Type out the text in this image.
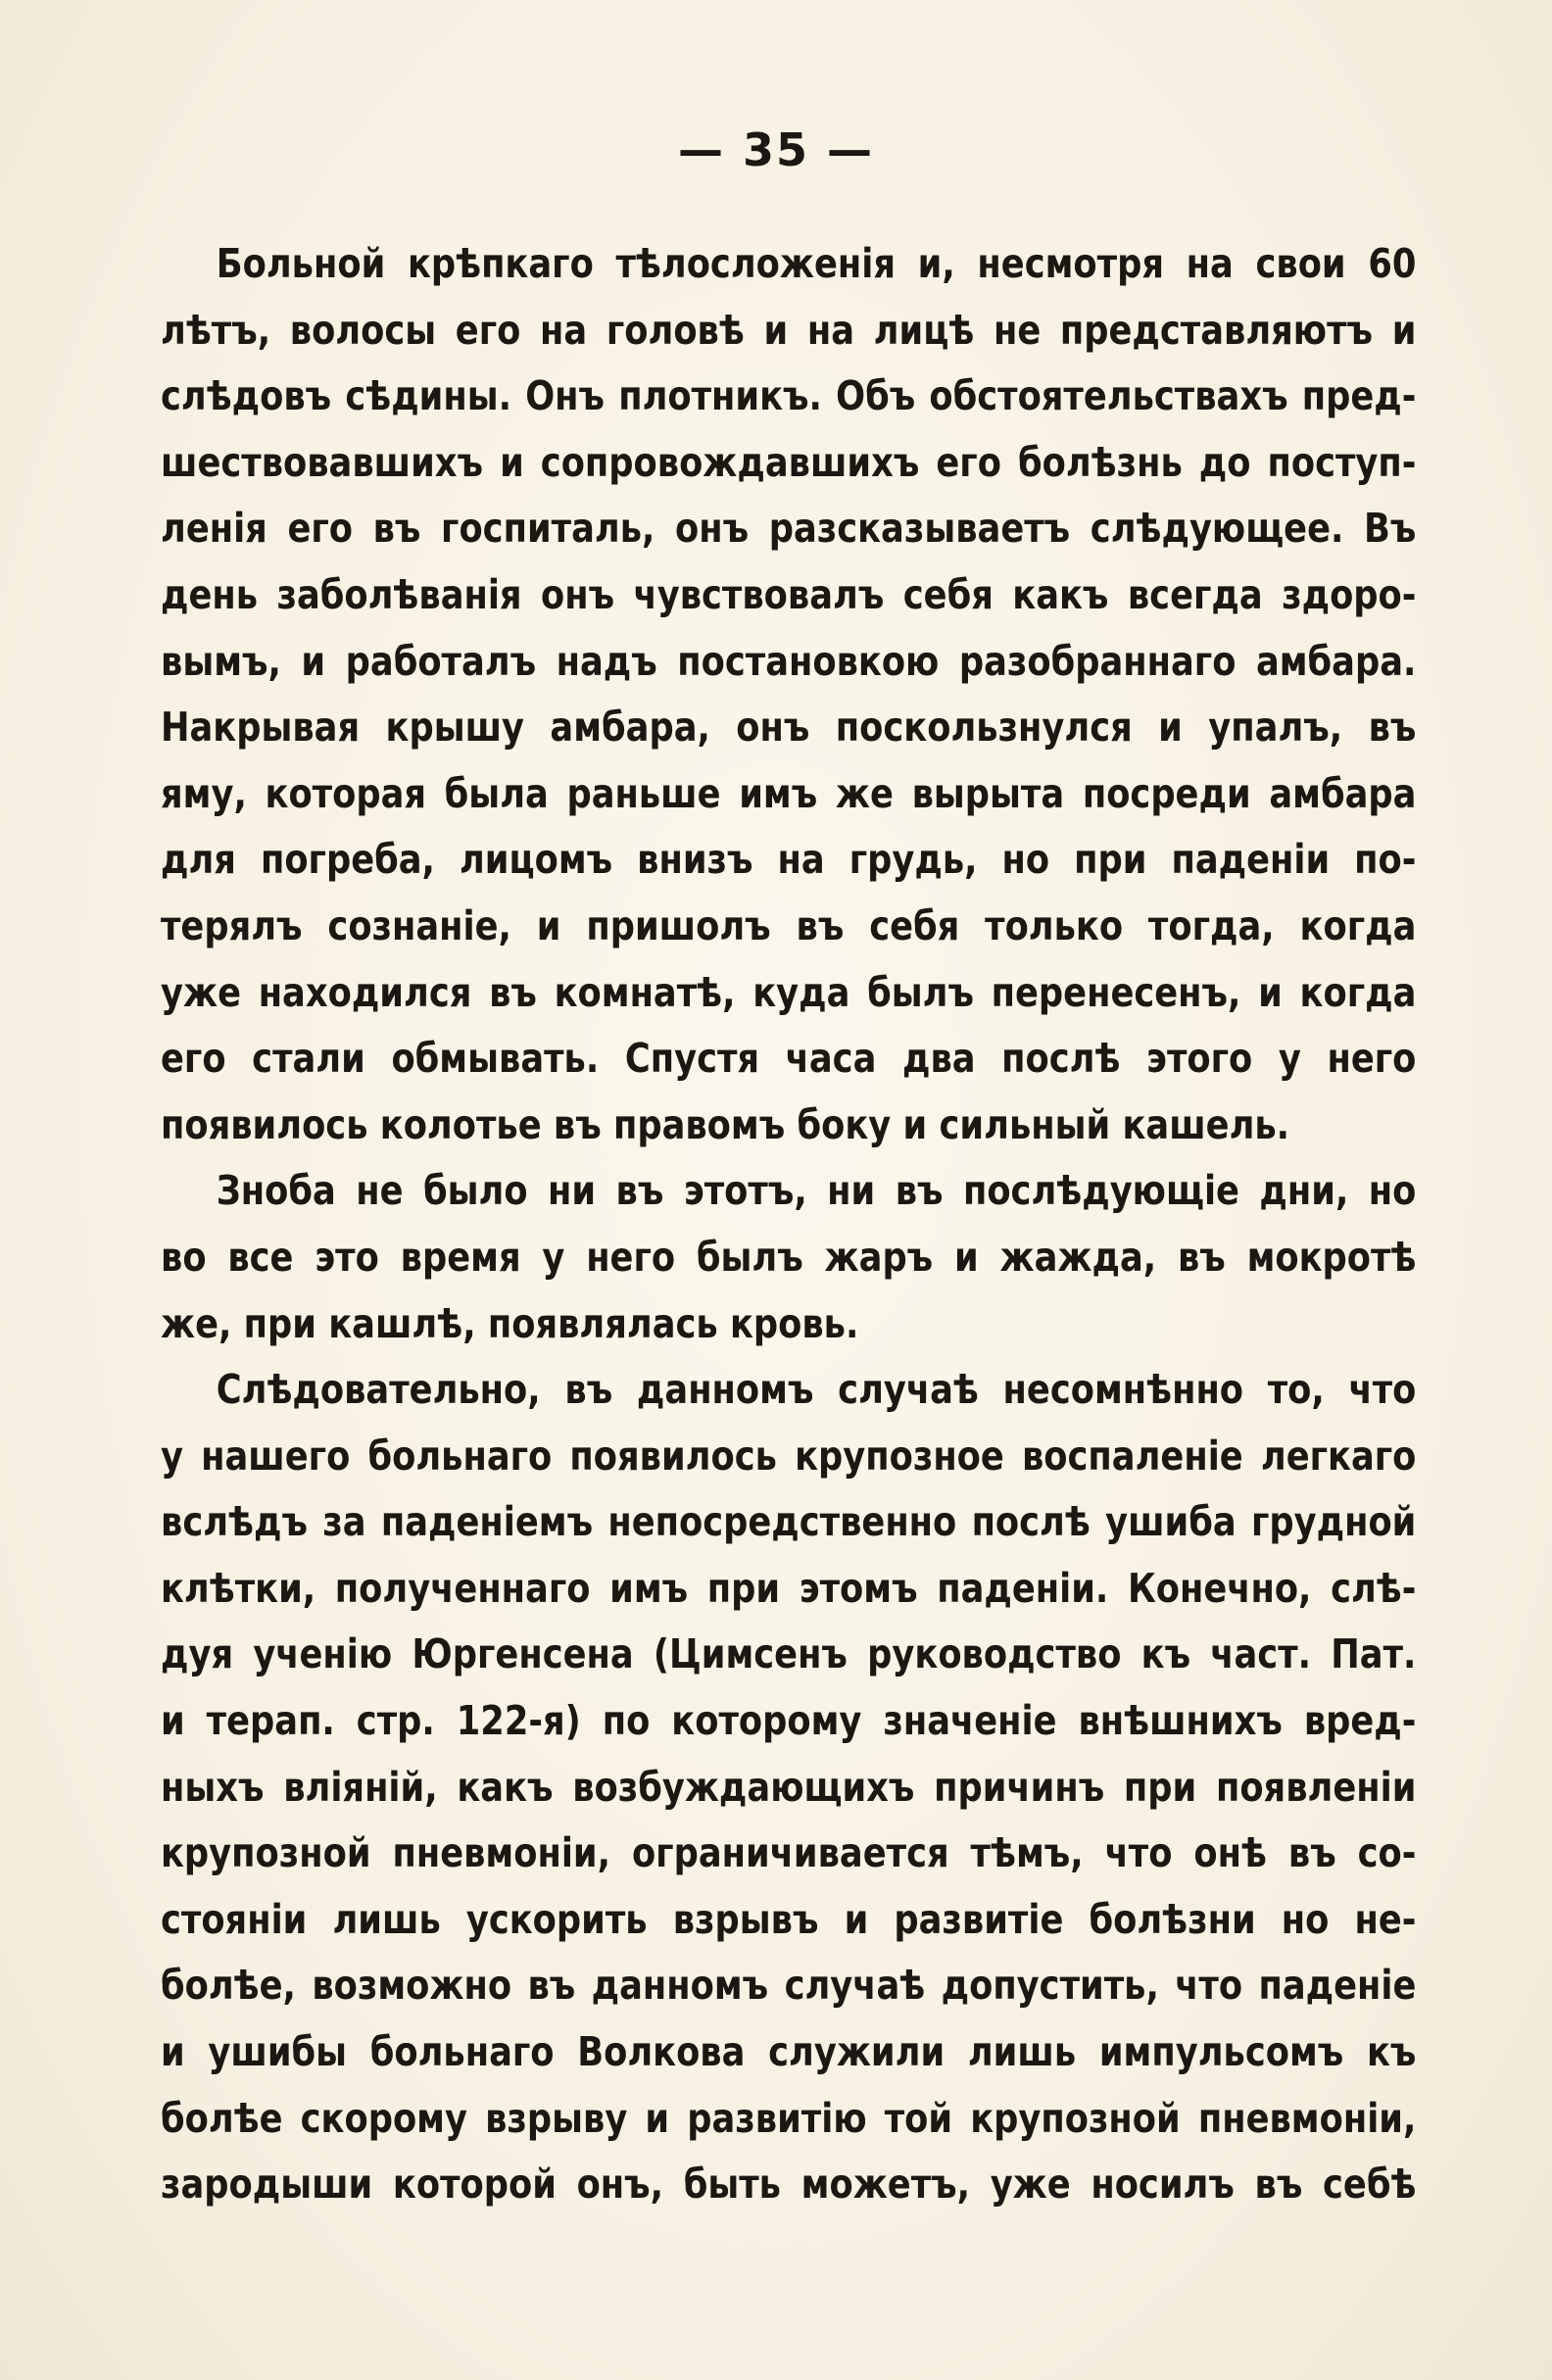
— 35 —
Больной крѣпкаго тѣлосложенія и, несмотря на свои 60
лѣтъ, волосы его на головѣ и на лицѣ не представляютъ и
слѣдовъ сѣдины. Онъ плотникъ. Объ обстоятельствахъ пред-
шествовавшихъ и сопровождавшихъ его болѣзнь до поступ-
ленія его въ госпиталь, онъ разсказываетъ слѣдующее. Въ
день заболѣванія онъ чувствовалъ себя какъ всегда здоро-
вымъ, и работалъ надъ постановкою разобраннаго амбара.
Накрывая крышу амбара, онъ поскользнулся и упалъ, въ
яму, которая была раньше имъ же вырыта посреди амбара
для погреба, лицомъ внизъ на грудь, но при паденіи по-
терялъ сознаніе, и пришолъ въ себя только тогда, когда
уже находился въ комнатѣ, куда былъ перенесенъ, и когда
его стали обмывать. Спустя часа два послѣ этого у него
появилось колотье въ правомъ боку и сильный кашель.
Зноба не было ни въ этотъ, ни въ послѣдующіе дни, но
во все это время у него былъ жаръ и жажда, въ мокротѣ
же, при кашлѣ, появлялась кровь.
Слѣдовательно, въ данномъ случаѣ несомнѣнно то, что
у нашего больнаго появилось крупозное воспаленіе легкаго
вслѣдъ за паденіемъ непосредственно послѣ ушиба грудной
клѣтки, полученнаго имъ при этомъ паденіи. Конечно, слѣ-
дуя ученію Юргенсена (Цимсенъ руководство къ част. Пат.
и терап. стр. 122-я) по которому значеніе внѣшнихъ вред-
ныхъ вліяній, какъ возбуждающихъ причинъ при появленіи
крупозной пневмоніи, ограничивается тѣмъ, что онѣ въ со-
стояніи лишь ускорить взрывъ и развитіе болѣзни но не-
болѣе, возможно въ данномъ случаѣ допустить, что паденіе
и ушибы больнаго Волкова служили лишь импульсомъ къ
болѣе скорому взрыву и развитію той крупозной пневмоніи,
зародыши которой онъ, быть можетъ, уже носилъ въ себѣ
